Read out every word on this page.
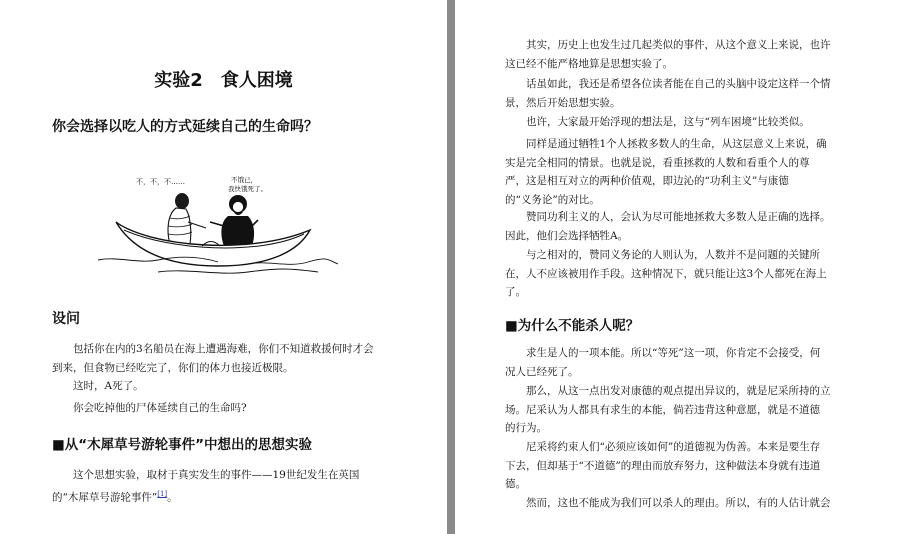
实验2　食人困境
你会选择以吃人的方式延续自己的生命吗？
不，不，不……	不饿已，
我快饿死了。
设问
包括你在内的3名船员在海上遭遇海难，你们不知道救援何时才会
到来，但食物已经吃完了，你们的体力也接近极限。
这时，A死了。
你会吃掉他的尸体延续自己的生命吗?
■从“木犀草号游轮事件”中想出的思想实验
这个思想实验，取材于真实发生的事件——19世纪发生在英国
的“木犀草号游轮事件”[1]。
其实，历史上也发生过几起类似的事件，从这个意义上来说，也许
这已经不能严格地算是思想实验了。
话虽如此，我还是希望各位读者能在自己的头脑中设定这样一个情
景，然后开始思想实验。
也许，大家最开始浮现的想法是，这与“列车困境”比较类似。
同样是通过牺牲1个人拯救多数人的生命，从这层意义上来说，确
实是完全相同的情景。也就是说，看重拯救的人数和看重个人的尊
严，这是相互对立的两种价值观，即边沁的“功利主义”与康德
的“义务论”的对比。
赞同功利主义的人，会认为尽可能地拯救大多数人是正确的选择。
因此，他们会选择牺牲A。
与之相对的，赞同义务论的人则认为，人数并不是问题的关键所
在，人不应该被用作手段。这种情况下，就只能让这3个人都死在海上
了。
■为什么不能杀人呢？
求生是人的一项本能。所以“等死”这一项，你肯定不会接受，何
况人已经死了。
那么，从这一点出发对康德的观点提出异议的，就是尼采所持的立
场。尼采认为人都具有求生的本能，倘若违背这种意愿，就是不道德
的行为。
尼采将约束人们“必须应该如何”的道德视为伪善。本来是要生存
下去，但却基于“不道德”的理由而放弃努力，这种做法本身就有违道
德。
然而，这也不能成为我们可以杀人的理由。所以，有的人估计就会
